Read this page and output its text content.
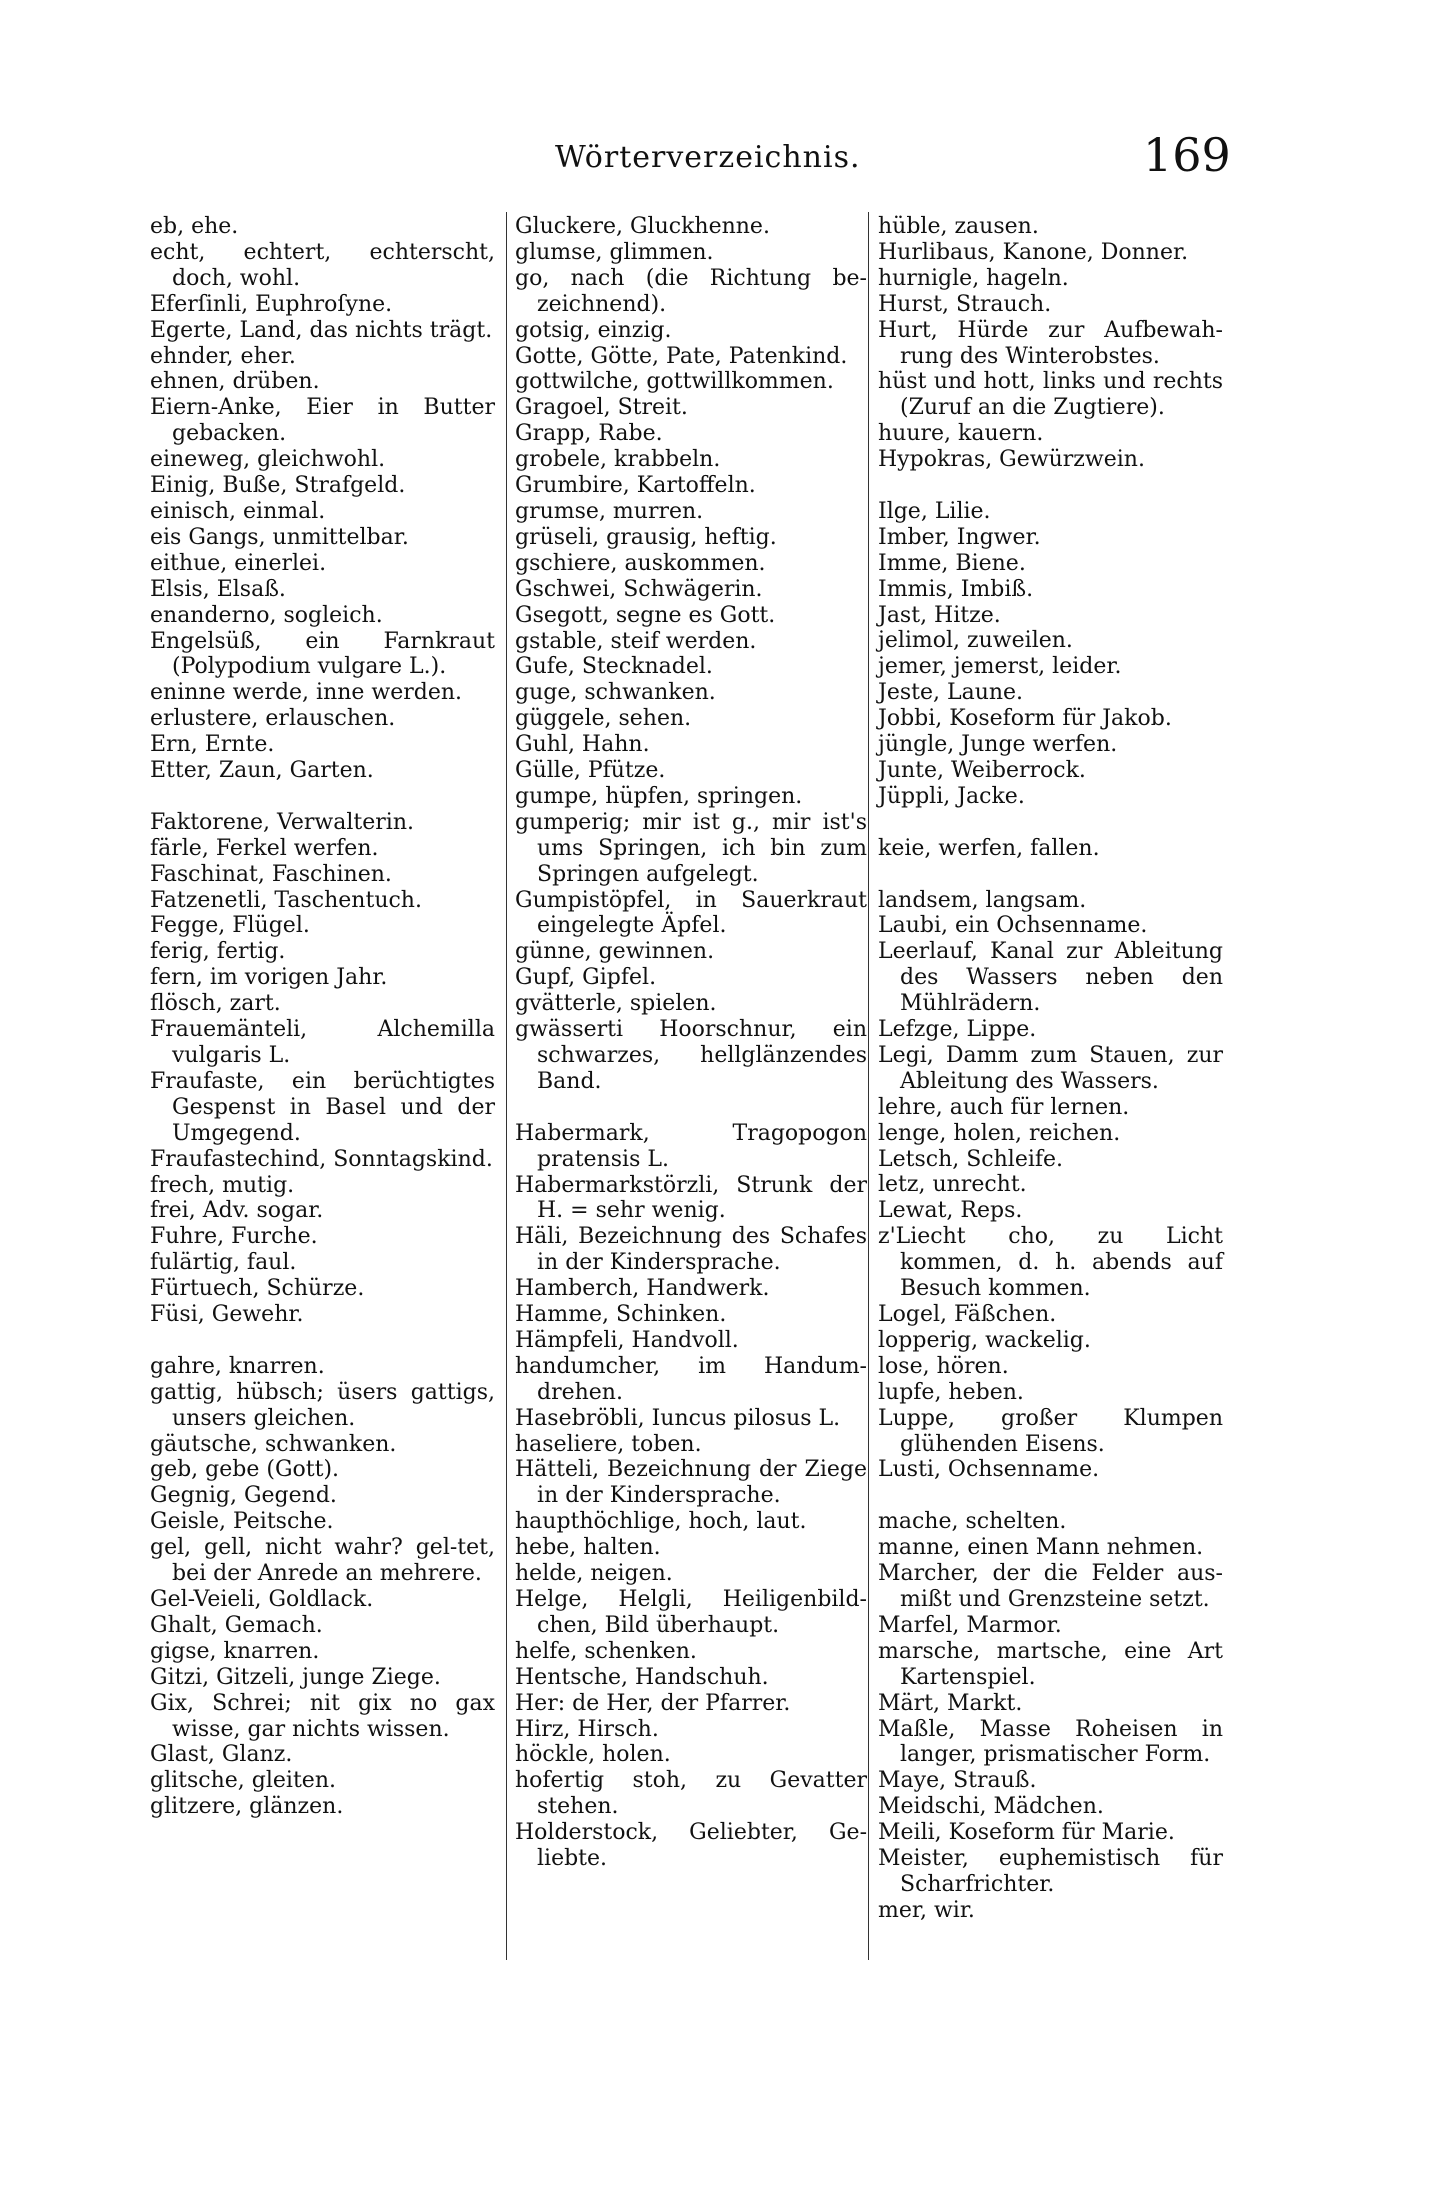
Wörterverzeichnis.	169
eb, ehe.
echt, echtert, echterscht, doch, wohl.
Eferſinli, Euphroſyne.
Egerte, Land, das nichts trägt.
ehnder, eher.
ehnen, drüben.
Eiern-Anke, Eier in Butter gebacken.
eineweg, gleichwohl.
Einig, Buße, Strafgeld.
einisch, einmal.
eis Gangs, unmittelbar.
eithue, einerlei.
Elsis, Elsaß.
enanderno, sogleich.
Engelsüß, ein Farnkraut (Polypodium vulgare L.).
eninne werde, inne werden.
erlustere, erlauschen.
Ern, Ernte.
Etter, Zaun, Garten.
Faktorene, Verwalterin.
färle, Ferkel werfen.
Faschinat, Faschinen.
Fatzenetli, Taschentuch.
Fegge, Flügel.
ferig, fertig.
fern, im vorigen Jahr.
flösch, zart.
Frauemänteli, Alchemilla vulgaris L.
Fraufaste, ein berüchtigtes Gespenst in Basel und der Umgegend.
Fraufastechind, Sonntagskind.
frech, mutig.
frei, Adv. sogar.
Fuhre, Furche.
fulärtig, faul.
Fürtuech, Schürze.
Füsi, Gewehr.
gahre, knarren.
gattig, hübsch; üsers gattigs, unsers gleichen.
gäutsche, schwanken.
geb, gebe (Gott).
Gegnig, Gegend.
Geisle, Peitsche.
gel, gell, nicht wahr? gel-tet, bei der Anrede an mehrere.
Gel-Veieli, Goldlack.
Ghalt, Gemach.
gigse, knarren.
Gitzi, Gitzeli, junge Ziege.
Gix, Schrei; nit gix no gax wisse, gar nichts wissen.
Glast, Glanz.
glitsche, gleiten.
glitzere, glänzen.
Gluckere, Gluckhenne.
glumse, glimmen.
go, nach (die Richtung be-zeichnend).
gotsig, einzig.
Gotte, Götte, Pate, Patenkind.
gottwilche, gottwillkommen.
Gragoel, Streit.
Grapp, Rabe.
grobele, krabbeln.
Grumbire, Kartoffeln.
grumse, murren.
grüseli, grausig, heftig.
gschiere, auskommen.
Gschwei, Schwägerin.
Gsegott, segne es Gott.
gstable, steif werden.
Gufe, Stecknadel.
guge, schwanken.
güggele, sehen.
Guhl, Hahn.
Gülle, Pfütze.
gumpe, hüpfen, springen.
gumperig; mir ist g., mir ist's ums Springen, ich bin zum Springen aufgelegt.
Gumpistöpfel, in Sauerkraut eingelegte Äpfel.
günne, gewinnen.
Gupf, Gipfel.
gvätterle, spielen.
gwässerti Hoorschnur, ein schwarzes, hellglänzendes Band.
Habermark, Tragopogon pratensis L.
Habermarkstörzli, Strunk der H. = sehr wenig.
Häli, Bezeichnung des Schafes in der Kindersprache.
Hamberch, Handwerk.
Hamme, Schinken.
Hämpfeli, Handvoll.
handumcher, im Handum-drehen.
Hasebröbli, Iuncus pilosus L.
haseliere, toben.
Hätteli, Bezeichnung der Ziege in der Kindersprache.
haupthöchlige, hoch, laut.
hebe, halten.
helde, neigen.
Helge, Helgli, Heiligenbild-chen, Bild überhaupt.
helfe, schenken.
Hentsche, Handschuh.
Her: de Her, der Pfarrer.
Hirz, Hirsch.
höckle, holen.
hofertig stoh, zu Gevatter stehen.
Holderstock, Geliebter, Ge-liebte.
hüble, zausen.
Hurlibaus, Kanone, Donner.
hurnigle, hageln.
Hurst, Strauch.
Hurt, Hürde zur Aufbewah-rung des Winterobstes.
hüst und hott, links und rechts (Zuruf an die Zugtiere).
huure, kauern.
Hypokras, Gewürzwein.
Ilge, Lilie.
Imber, Ingwer.
Imme, Biene.
Immis, Imbiß.
Jast, Hitze.
jelimol, zuweilen.
jemer, jemerst, leider.
Jeste, Laune.
Jobbi, Koseform für Jakob.
jüngle, Junge werfen.
Junte, Weiberrock.
Jüppli, Jacke.
keie, werfen, fallen.
landsem, langsam.
Laubi, ein Ochsenname.
Leerlauf, Kanal zur Ableitung des Wassers neben den Mühlrädern.
Lefzge, Lippe.
Legi, Damm zum Stauen, zur Ableitung des Wassers.
lehre, auch für lernen.
lenge, holen, reichen.
Letsch, Schleife.
letz, unrecht.
Lewat, Reps.
z'Liecht cho, zu Licht kommen, d. h. abends auf Besuch kommen.
Logel, Fäßchen.
lopperig, wackelig.
lose, hören.
lupfe, heben.
Luppe, großer Klumpen glühenden Eisens.
Lusti, Ochsenname.
mache, schelten.
manne, einen Mann nehmen.
Marcher, der die Felder aus-mißt und Grenzsteine setzt.
Marfel, Marmor.
marsche, martsche, eine Art Kartenspiel.
Märt, Markt.
Maßle, Masse Roheisen in langer, prismatischer Form.
Maye, Strauß.
Meidschi, Mädchen.
Meili, Koseform für Marie.
Meister, euphemistisch für Scharfrichter.
mer, wir.
